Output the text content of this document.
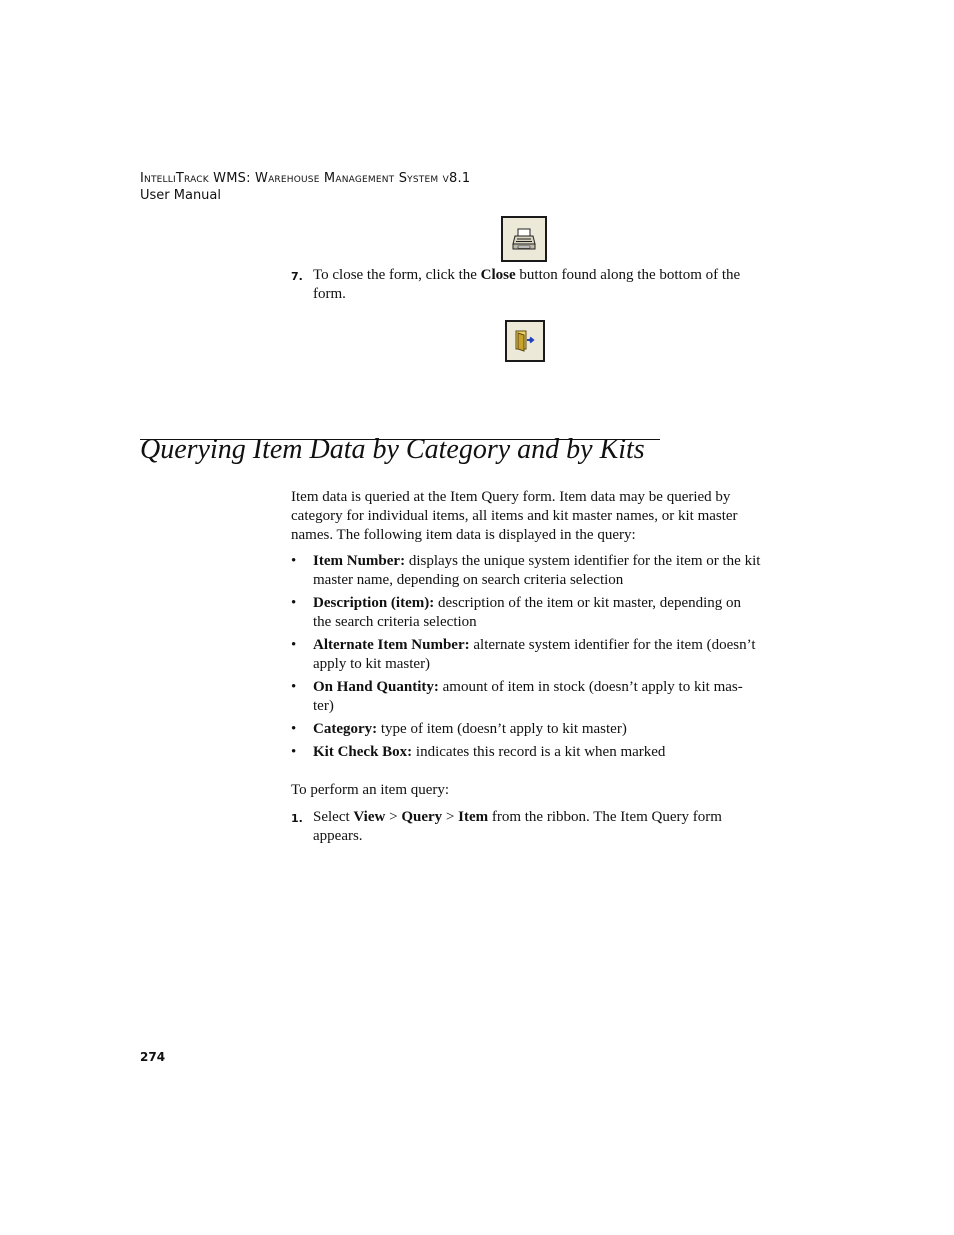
IntelliTrack WMS: Warehouse Management System v8.1
User Manual
7. To close the form, click the Close button found along the bottom of the form.
Querying Item Data by Category and by Kits
Item data is queried at the Item Query form. Item data may be queried by category for individual items, all items and kit master names, or kit master names. The following item data is displayed in the query:
• Item Number: displays the unique system identifier for the item or the kit master name, depending on search criteria selection
• Description (item): description of the item or kit master, depending on the search criteria selection
• Alternate Item Number: alternate system identifier for the item (doesn’t apply to kit master)
• On Hand Quantity: amount of item in stock (doesn’t apply to kit mas-ter)
• Category: type of item (doesn’t apply to kit master)
• Kit Check Box: indicates this record is a kit when marked
To perform an item query:
1. Select View > Query > Item from the ribbon. The Item Query form appears.
274
